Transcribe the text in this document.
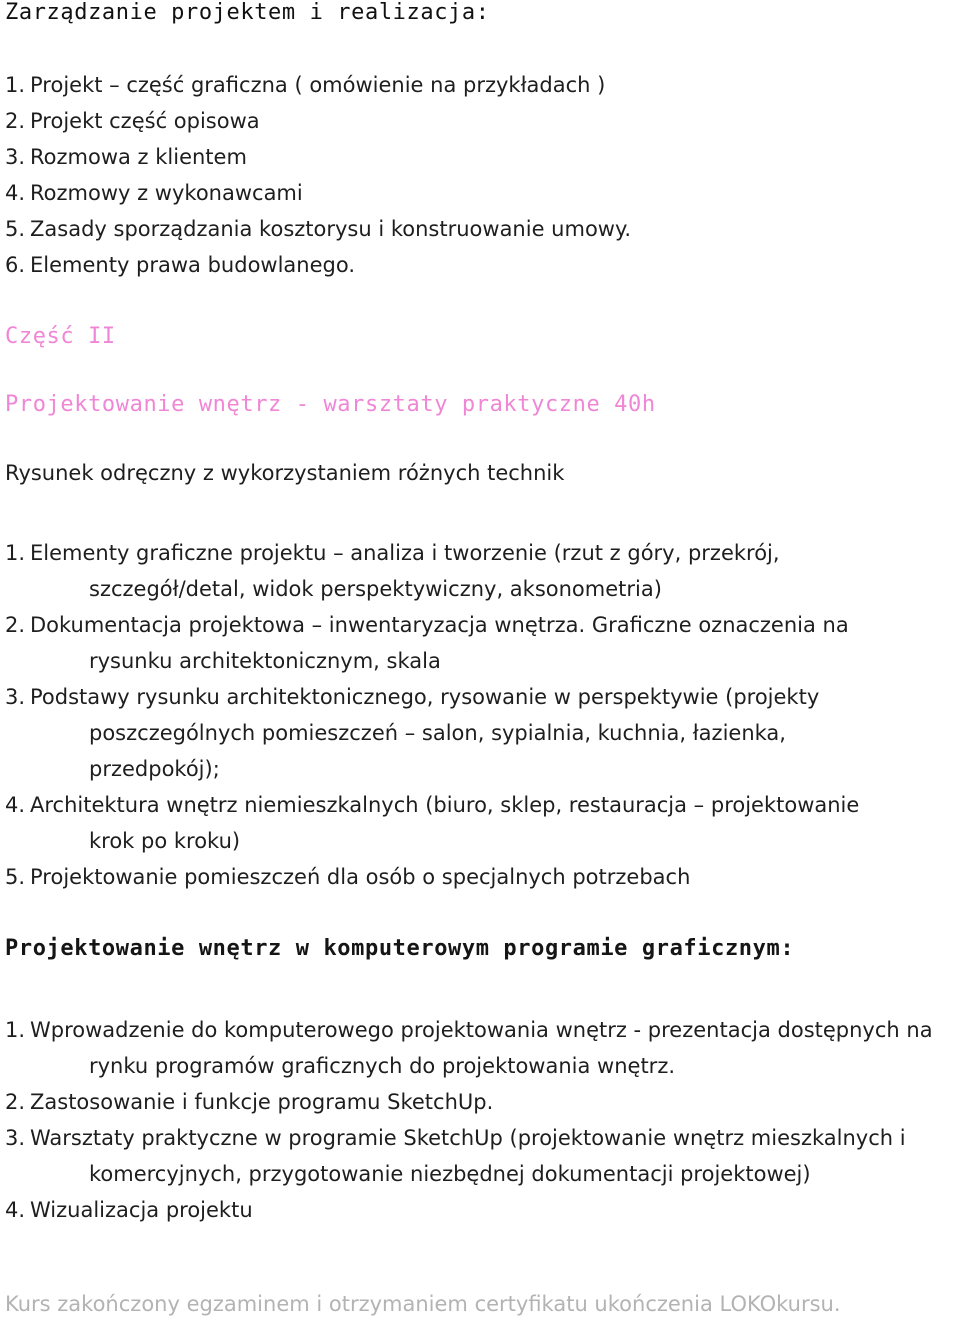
Zarządzanie projektem i realizacja:
1. Projekt – część graficzna ( omówienie na przykładach )
2. Projekt część opisowa
3. Rozmowa z klientem
4. Rozmowy z wykonawcami
5. Zasady sporządzania kosztorysu i konstruowanie umowy.
6. Elementy prawa budowlanego.
Część II
Projektowanie wnętrz - warsztaty praktyczne 40h

Rysunek odręczny z wykorzystaniem różnych technik

1. Elementy graficzne projektu – analiza i tworzenie (rzut z góry, przekrój, szczegół/detal, widok perspektywiczny, aksonometria)
2. Dokumentacja projektowa – inwentaryzacja wnętrza. Graficzne oznaczenia na rysunku architektonicznym, skala
3. Podstawy rysunku architektonicznego, rysowanie w perspektywie (projekty poszczególnych pomieszczeń – salon, sypialnia, kuchnia, łazienka, przedpokój);
4. Architektura wnętrz niemieszkalnych (biuro, sklep, restauracja – projektowanie krok po kroku)
5. Projektowanie pomieszczeń dla osób o specjalnych potrzebach
Projektowanie wnętrz w komputerowym programie graficznym:
1. Wprowadzenie do komputerowego projektowania wnętrz - prezentacja dostępnych na rynku programów graficznych do projektowania wnętrz.
2. Zastosowanie i funkcje programu SketchUp.
3. Warsztaty praktyczne w programie SketchUp (projektowanie wnętrz mieszkalnych i komercyjnych, przygotowanie niezbędnej dokumentacji projektowej)
4. Wizualizacja projektu

Kurs zakończony egzaminem i otrzymaniem certyfikatu ukończenia LOKOkursu.
